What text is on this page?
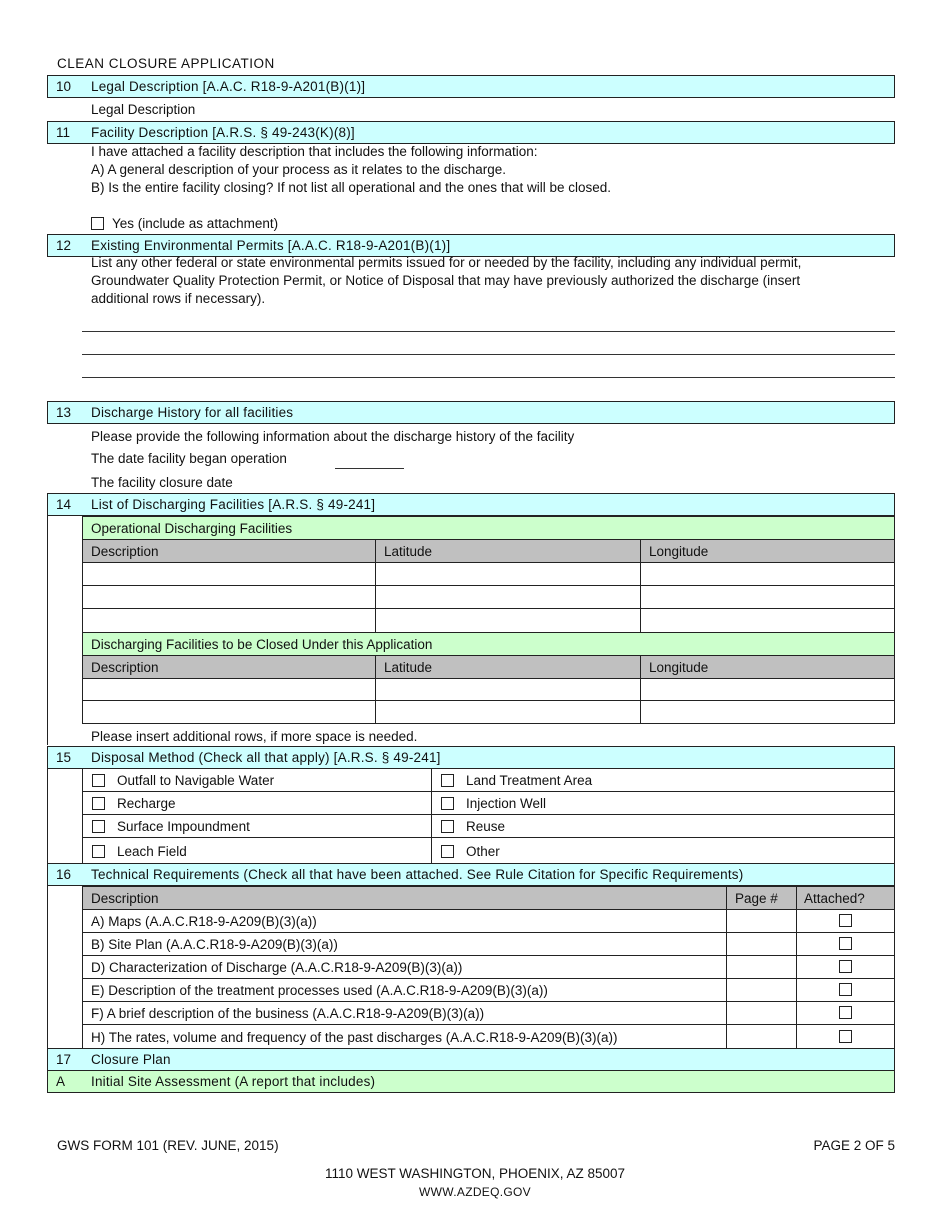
CLEAN CLOSURE APPLICATION
10 Legal Description [A.A.C. R18-9-A201(B)(1)]
Legal Description
11 Facility Description [A.R.S. § 49-243(K)(8)]
I have attached a facility description that includes the following information:
A) A general description of your process as it relates to the discharge.
B) Is the entire facility closing? If not list all operational and the ones that will be closed.
Yes (include as attachment)
12 Existing Environmental Permits [A.A.C. R18-9-A201(B)(1)]
List any other federal or state environmental permits issued for or needed by the facility, including any individual permit,
Groundwater Quality Protection Permit, or Notice of Disposal that may have previously authorized the discharge (insert
additional rows if necessary).
13 Discharge History for all facilities
Please provide the following information about the discharge history of the facility
The date facility began operation
The facility closure date
14 List of Discharging Facilities [A.R.S. § 49-241]
Operational Discharging Facilities
Description	Latitude	Longitude
Discharging Facilities to be Closed Under this Application
Description	Latitude	Longitude
Please insert additional rows, if more space is needed.
15 Disposal Method (Check all that apply) [A.R.S. § 49-241]
Outfall to Navigable Water	Land Treatment Area
Recharge	Injection Well
Surface Impoundment	Reuse
Leach Field	Other
16 Technical Requirements (Check all that have been attached. See Rule Citation for Specific Requirements)
Description	Page #	Attached?
A) Maps (A.A.C.R18-9-A209(B)(3)(a))
B) Site Plan (A.A.C.R18-9-A209(B)(3)(a))
D) Characterization of Discharge (A.A.C.R18-9-A209(B)(3)(a))
E) Description of the treatment processes used (A.A.C.R18-9-A209(B)(3)(a))
F) A brief description of the business (A.A.C.R18-9-A209(B)(3)(a))
H) The rates, volume and frequency of the past discharges (A.A.C.R18-9-A209(B)(3)(a))
17 Closure Plan
A Initial Site Assessment (A report that includes)
GWS FORM 101 (REV. JUNE, 2015)	PAGE 2 OF 5
1110 WEST WASHINGTON, PHOENIX, AZ 85007
WWW.AZDEQ.GOV
